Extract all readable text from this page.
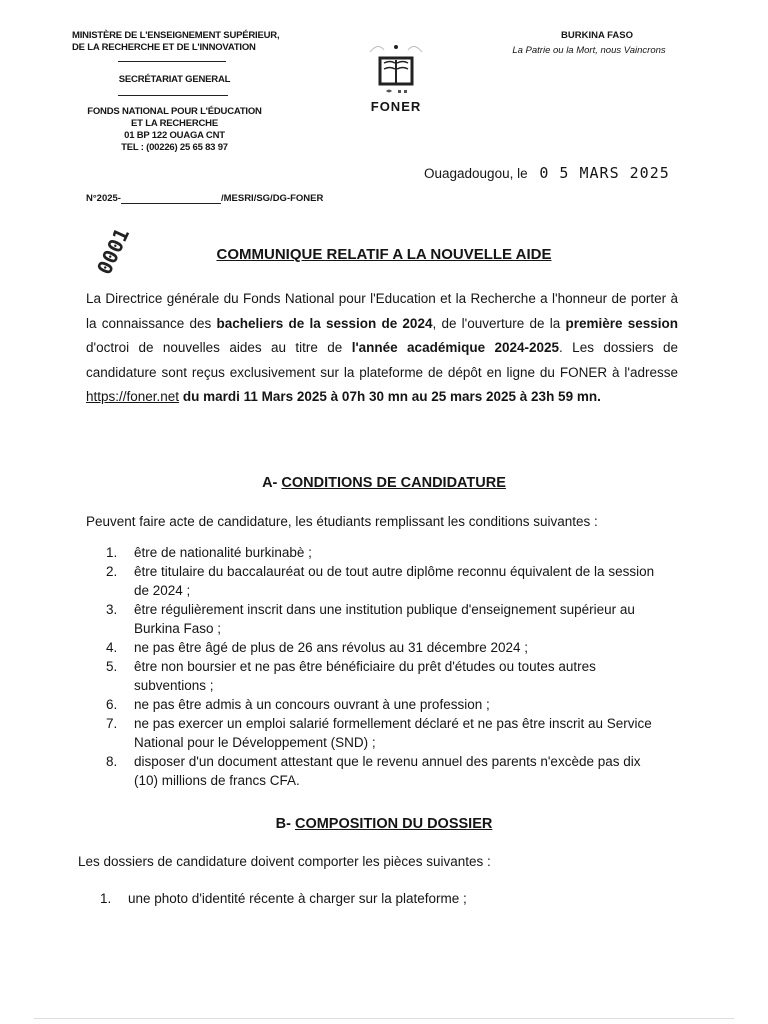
MINISTÈRE DE L'ENSEIGNEMENT SUPÉRIEUR,
DE LA RECHERCHE ET DE L'INNOVATION
SECRÉTARIAT GENERAL
FONDS NATIONAL POUR L'ÉDUCATION
ET LA RECHERCHE
01 BP 122 OUAGA CNT
TEL : (00226) 25 65 83 97
FONER
BURKINA FASO
La Patrie ou la Mort, nous Vaincrons
Ouagadougou, le 0 5 MARS 2025
N°2025-	/MESRI/SG/DG-FONER
0001	COMMUNIQUE RELATIF A LA NOUVELLE AIDE
La Directrice générale du Fonds National pour l'Education et la Recherche a l'honneur de porter à la connaissance des bacheliers de la session de 2024, de l'ouverture de la première session d'octroi de nouvelles aides au titre de l'année académique 2024-2025. Les dossiers de candidature sont reçus exclusivement sur la plateforme de dépôt en ligne du FONER à l'adresse https://foner.net du mardi 11 Mars 2025 à 07h 30 mn au 25 mars 2025 à 23h 59 mn.
A- CONDITIONS DE CANDIDATURE
Peuvent faire acte de candidature, les étudiants remplissant les conditions suivantes :
1. être de nationalité burkinabè ;
2. être titulaire du baccalauréat ou de tout autre diplôme reconnu équivalent de la session de 2024 ;
3. être régulièrement inscrit dans une institution publique d'enseignement supérieur au Burkina Faso ;
4. ne pas être âgé de plus de 26 ans révolus au 31 décembre 2024 ;
5. être non boursier et ne pas être bénéficiaire du prêt d'études ou toutes autres subventions ;
6. ne pas être admis à un concours ouvrant à une profession ;
7. ne pas exercer un emploi salarié formellement déclaré et ne pas être inscrit au Service National pour le Développement (SND) ;
8. disposer d'un document attestant que le revenu annuel des parents n'excède pas dix (10) millions de francs CFA.
B- COMPOSITION DU DOSSIER
Les dossiers de candidature doivent comporter les pièces suivantes :
1. une photo d'identité récente à charger sur la plateforme ;
